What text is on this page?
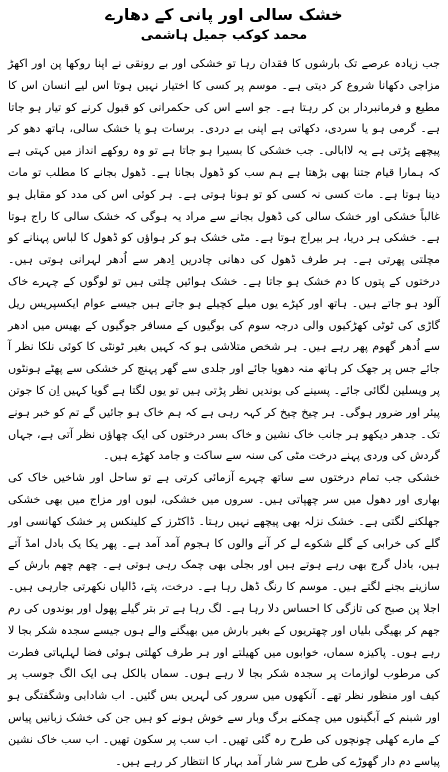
خشک سالی اور پانی کے دھارے
محمد کوکب جمیل ہاشمی

جب زیادہ عرصے تک بارشوں کا فقدان رہا تو خشکی اور بے رونقی نے اپنا روکھا پن اور اکھڑ مزاجی دکھانا شروع کر دیتی ہے۔ موسم پر کسی کا اختیار نہیں ہوتا اس لیے انسان اس کا مطیع و فرمانبردار بن کر رہتا ہے۔ جو اسے اس کی حکمرانی کو قبول کرنے کو تیار ہو جاتا ہے۔ گرمی ہو یا سردی، دکھاتی ہے اپنی بے دردی۔ برسات ہو یا خشک سالی، ہاتھ دھو کر پیچھے پڑتی ہے یہ لاابالی۔ جب خشکی کا بسیرا ہو جاتا ہے تو وہ روکھے انداز میں کہتی ہے کہ ہمارا قیام جتنا بھی بڑھتا ہے ہم سب کو ڈھول بجانا ہے۔ ڈھول بجانے کا مطلب تو مات دینا ہوتا ہے۔ مات کسی نہ کسی کو تو ہونا ہوتی ہے۔ ہر کوئی اس کی مدد کو مقابل ہو غالباً خشکی اور خشک سالی کی ڈھول بجانے سے مراد یہ ہوگی کہ خشک سالی کا راج ہوتا ہے۔ خشکی ہر دریا، ہر بیراج ہوتا ہے۔ مٹی خشک ہو کر ہواؤں کو ڈھول کا لباس پہنانے کو مچلتی پھرتی ہے۔ ہر طرف ڈھول کی دھانی چادریں اِدھر سے اُدھر لہرانی ہوتی ہیں۔ درختوں کے پتوں کا دم خشک ہو جاتا ہے۔ خشک ہوائیں چلتی ہیں تو لوگوں کے چہرے خاک آلود ہو جاتے ہیں۔ ہاتھ اور کپڑے یوں میلے کچیلے ہو جاتے ہیں جیسے عوام ایکسپریس ریل گاڑی کی ٹوٹی کھڑکیوں والی درجہ سوم کی بوگیوں کے مسافر جوگیوں کے بھیس میں ادھر سے اُدھر گھوم پھر رہے ہیں۔ ہر شخص متلاشی ہو کہ کہیں بغیر ٹونٹی کا کوئی نلکا نظر آ جائے جس پر جھک کر ہاتھ منہ دھویا جائے اور جلدی سے گھر پہنچ کر خشکی سے پھٹے ہونٹوں پر ویسلین لگائی جائے۔ پسینے کی بوندیں نظر پڑتی ہیں تو یوں لگتا ہے گویا کہیں اِن کا جوتن پیئر اور ضرور ہوگی۔ ہر چیخ چیخ کر کہہ رہی ہے کہ ہم خاک ہو جائیں گے تم کو خبر ہونے تک۔ جدھر دیکھو ہر جانب خاک نشین و خاک بسر درختوں کی ایک چھاؤں نظر آتی ہے، جہاں گردش کی وردی پہنے درخت مٹی کی سنہ سے ساکت و جامد کھڑے ہیں۔

خشکی جب تمام درختوں سے ساتھ چہرے آزمائی کرتی ہے تو ساحل اور شاخیں خاک کی بھاری اور دھول میں سر چھپاتی ہیں۔ سروں میں خشکی، لبوں اور مزاج میں بھی خشکی جھلکنے لگتی ہے۔ خشک نزلہ بھی پیچھے نہیں رہتا۔ ڈاکٹرز کے کلینکس پر خشک کھانسی اور گلے کی خرابی کے گلے شکوے لے کر آنے والوں کا ہجوم آمد آمد ہے۔ پھر یکا یک بادل امڈ آتے ہیں، بادل گرج بھی رہے ہوتے ہیں اور بجلی بھی چمک رہی ہوتی ہے۔ چھم چھم بارش کے سازینے بجنے لگتے ہیں۔ موسم کا رنگ ڈھل رہا ہے۔ درخت، پتے، ڈالیاں نکھرتی جارہی ہیں۔ اجلا پن صبح کی تازگی کا احساس دلا رہا ہے۔ لگ رہا ہے تر بتر گیلے پھول اور بوندوں کی رم جھم کر بھیگی بلیاں اور چھتریوں کے بغیر بارش میں بھیگنے والے ہوں جیسے سجدہ شکر بجا لا رہے ہوں۔ پاکیزہ سماں، خوابوں میں کھیلتے اور ہر طرف کھلتی ہوئی فضا لہلہاتی فطرت کی مرطوب لوازمات پر سجدہ شکر بجا لا رہے ہوں۔ سماں بالکل ہی ایک الگ جوسب پر کیف اور منظور نظر تھے۔ آنکھوں میں سرور کی لہریں بس گئیں۔ اب شادابی وشگفتگی ہو اور شبنم کے آبگینوں میں چمکنے برگ وبار سے خوش ہونے کو ہیں جن کی خشک زبانیں پیاس کے مارے کھلی چونچوں کی طرح رہ گئی تھیں۔ اب سب پر سکون تھیں۔ اب سب خاک نشین پیاسے دم دار گھوڑے کی طرح سر شار آمد بہار کا انتظار کر رہے ہیں۔
